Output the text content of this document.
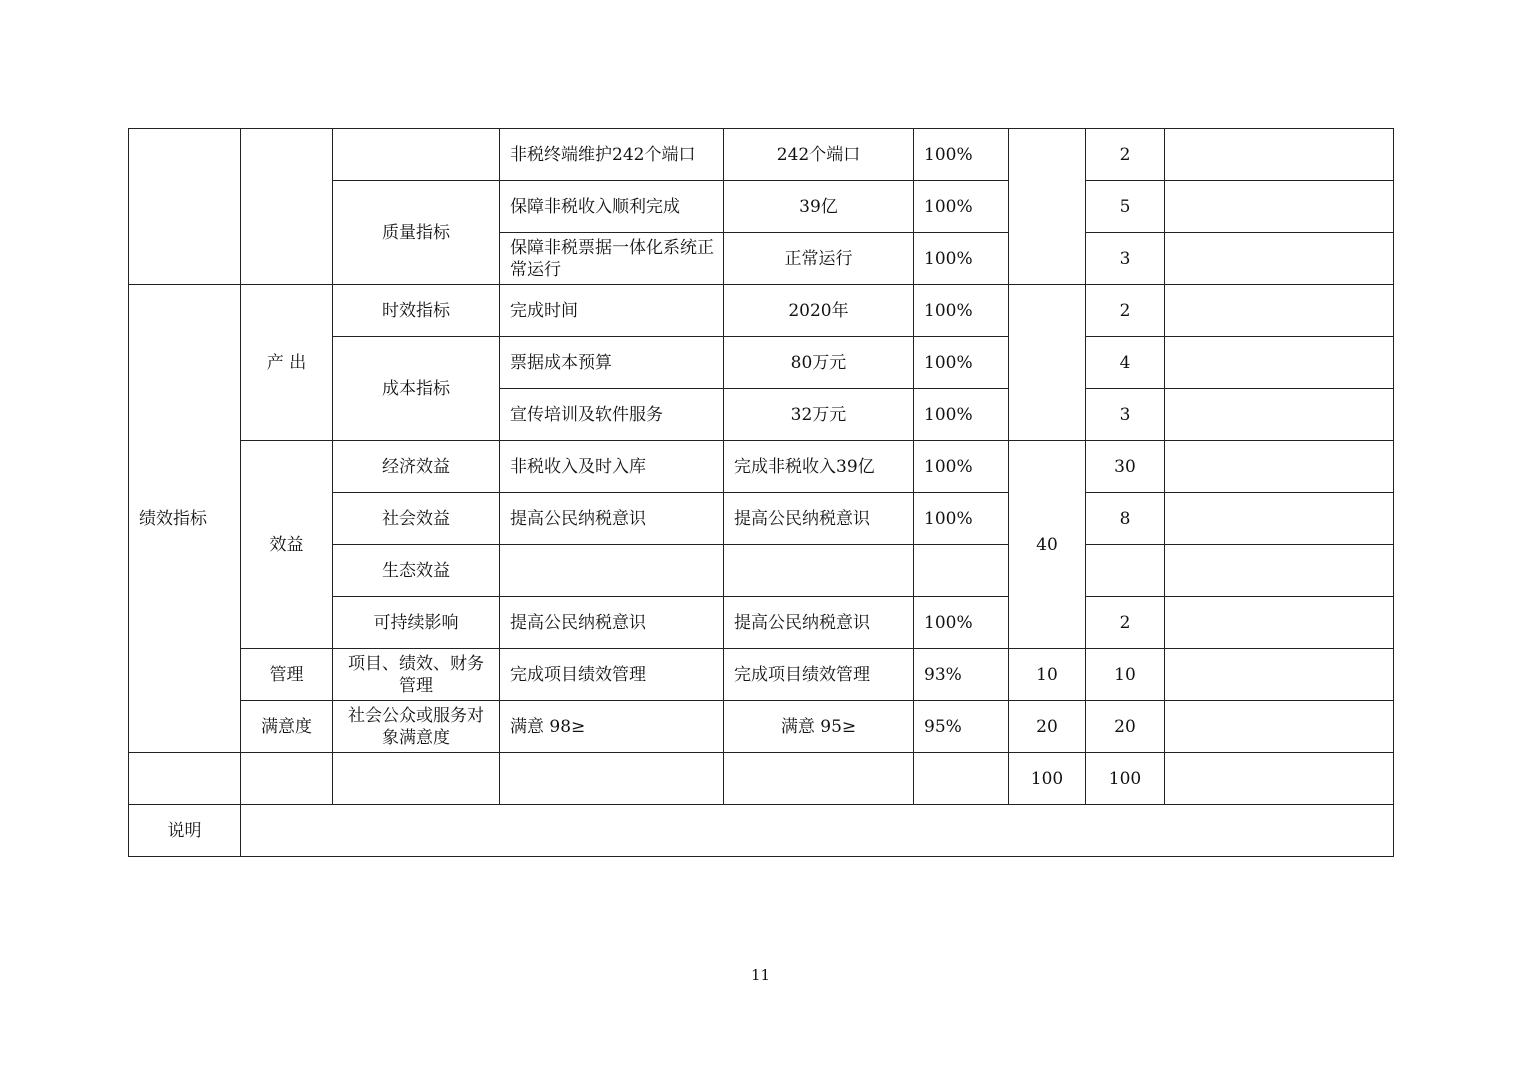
			非税终端维护242个端口	242个端口	100%		2	
		质量指标	保障非税收入顺利完成	39亿	100%		5	
			保障非税票据一体化系统正常运行	正常运行	100%		3	
绩效指标	产 出	时效指标	完成时间	2020年	100%		2	
		成本指标	票据成本预算	80万元	100%		4	
			宣传培训及软件服务	32万元	100%		3	
	效益	经济效益	非税收入及时入库	完成非税收入39亿	100%	40	30	
		社会效益	提高公民纳税意识	提高公民纳税意识	100%		8	
		生态效益						
		可持续影响	提高公民纳税意识	提高公民纳税意识	100%		2	
	管理	项目、绩效、财务管理	完成项目绩效管理	完成项目绩效管理	93%	10	10	
	满意度	社会公众或服务对象满意度	满意 98≥	满意 95≥	95%	20	20	
						100	100	
说明								
11
